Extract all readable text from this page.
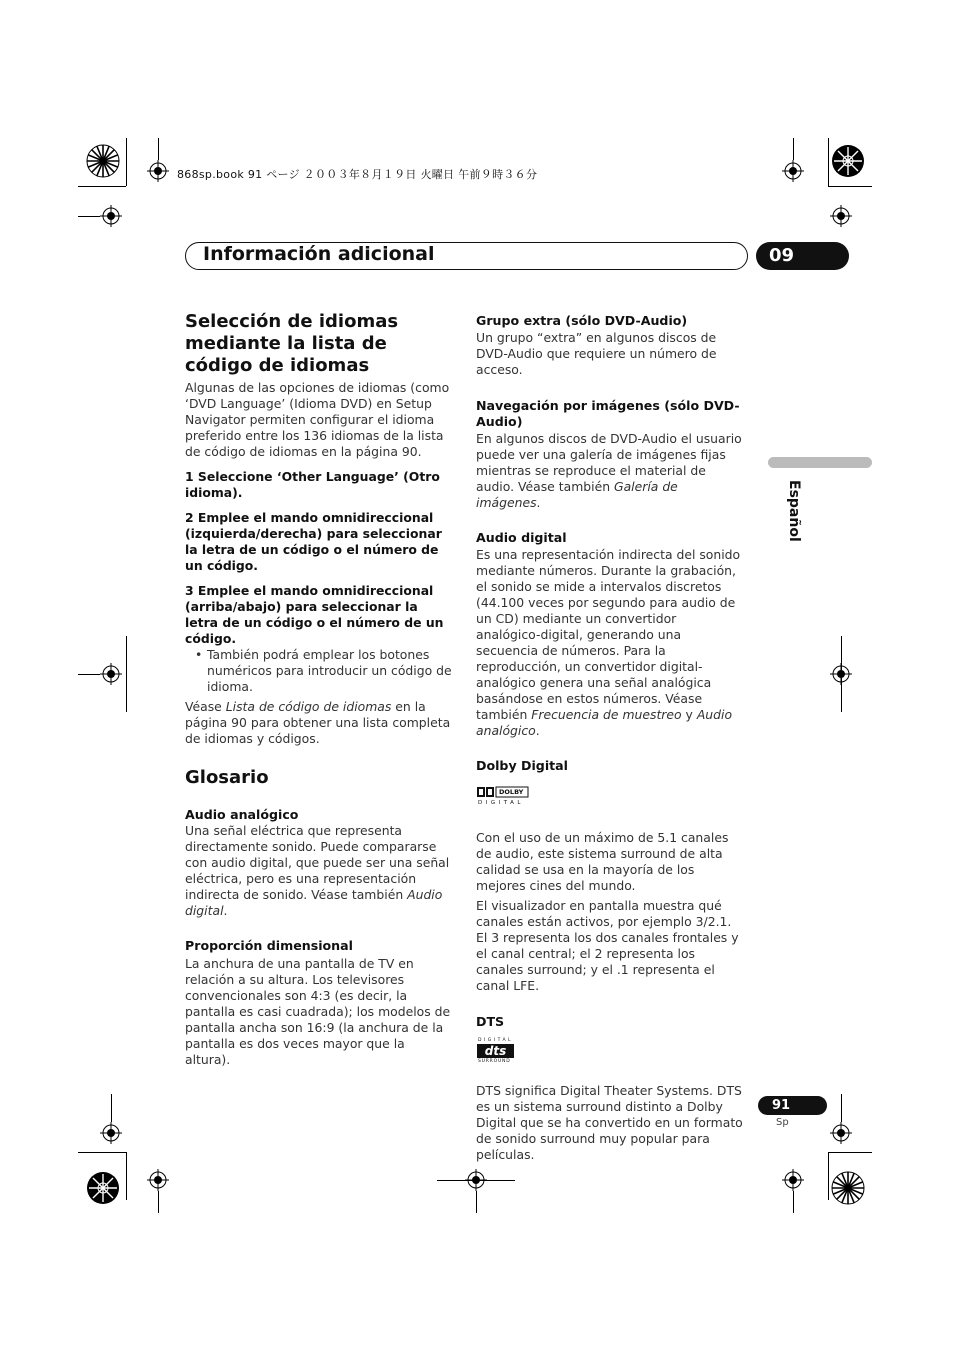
868sp.book 91 ページ ２００３年８月１９日 火曜日 午前９時３６分
Información adicional	09
Español

Selección de idiomas mediante la lista de código de idiomas

Algunas de las opciones de idiomas (como ‘DVD Language’ (Idioma DVD) en Setup Navigator permiten configurar el idioma preferido entre los 136 idiomas de la lista de código de idiomas en la página 90.

1 Seleccione ‘Other Language’ (Otro idioma).

2 Emplee el mando omnidireccional (izquierda/derecha) para seleccionar la letra de un código o el número de un código.

3 Emplee el mando omnidireccional (arriba/abajo) para seleccionar la letra de un código o el número de un código.

• También podrá emplear los botones numéricos para introducir un código de idioma.

Véase Lista de código de idiomas en la página 90 para obtener una lista completa de idiomas y códigos.

Glosario

Audio analógico

Una señal eléctrica que representa directamente sonido. Puede compararse con audio digital, que puede ser una señal eléctrica, pero es una representación indirecta de sonido. Véase también Audio digital.

Proporción dimensional

La anchura de una pantalla de TV en relación a su altura. Los televisores convencionales son 4:3 (es decir, la pantalla es casi cuadrada); los modelos de pantalla ancha son 16:9 (la anchura de la pantalla es dos veces mayor que la altura).

Grupo extra (sólo DVD-Audio)

Un grupo “extra” en algunos discos de DVD-Audio que requiere un número de acceso.

Navegación por imágenes (sólo DVD-Audio)

En algunos discos de DVD-Audio el usuario puede ver una galería de imágenes fijas mientras se reproduce el material de audio. Véase también Galería de imágenes.

Audio digital

Es una representación indirecta del sonido mediante números. Durante la grabación, el sonido se mide a intervalos discretos (44.100 veces por segundo para audio de un CD) mediante un convertidor analógico-digital, generando una secuencia de números. Para la reproducción, un convertidor digital-analógico genera una señal analógica basándose en estos números. Véase también Frecuencia de muestreo y Audio analógico.

Dolby Digital

DOLBY
DIGITAL

Con el uso de un máximo de 5.1 canales de audio, este sistema surround de alta calidad se usa en la mayoría de los mejores cines del mundo.

El visualizador en pantalla muestra qué canales están activos, por ejemplo 3/2.1. El 3 representa los dos canales frontales y el canal central; el 2 representa los canales surround; y el .1 representa el canal LFE.

DTS

DIGITAL
dts
SURROUND

DTS significa Digital Theater Systems. DTS es un sistema surround distinto a Dolby Digital que se ha convertido en un formato de sonido surround muy popular para películas.

91
Sp
